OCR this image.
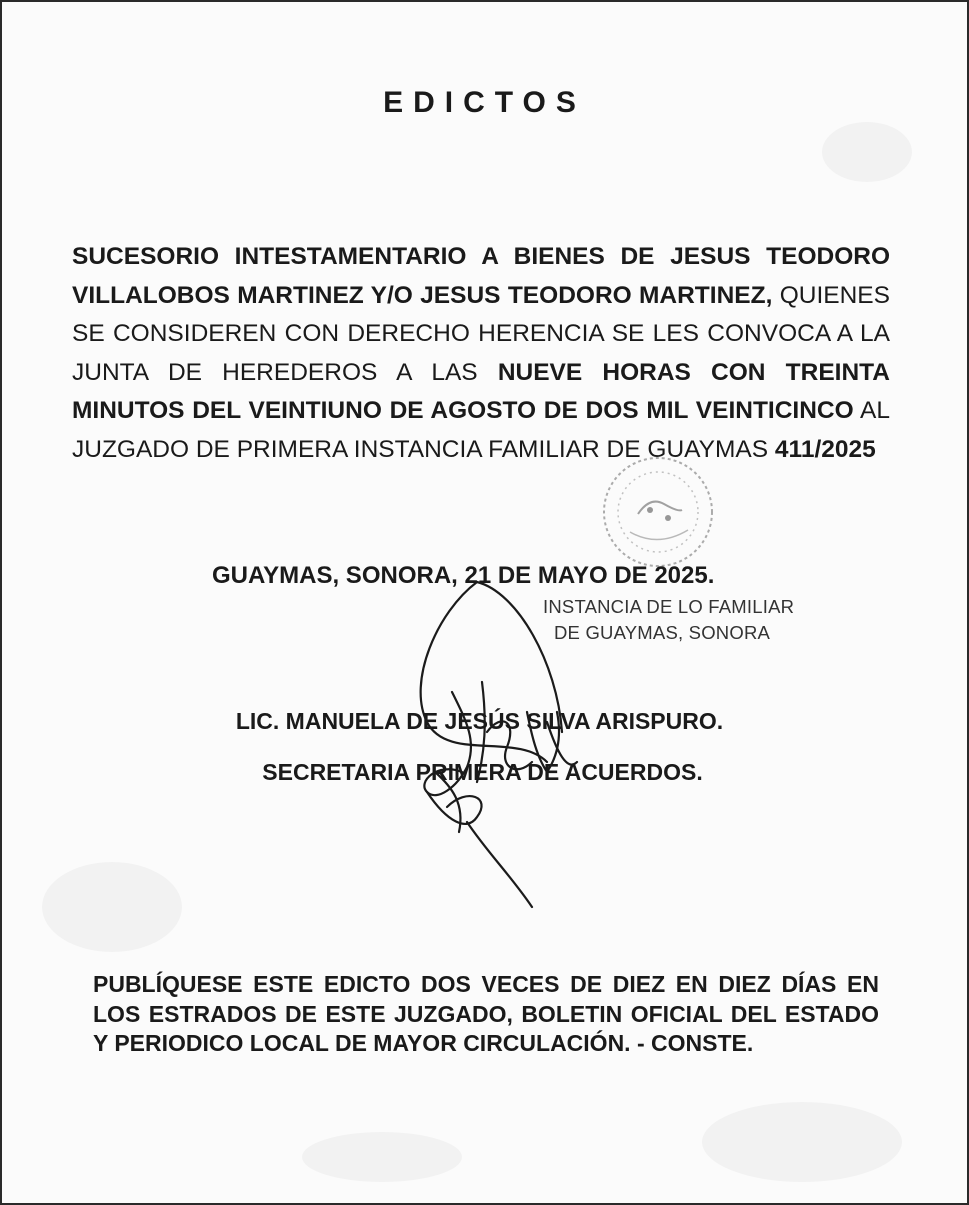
EDICTOS
SUCESORIO INTESTAMENTARIO A BIENES DE JESUS TEODORO VILLALOBOS MARTINEZ Y/O JESUS TEODORO MARTINEZ, QUIENES SE CONSIDEREN CON DERECHO HERENCIA SE LES CONVOCA A LA JUNTA DE HEREDEROS A LAS NUEVE HORAS CON TREINTA MINUTOS DEL VEINTIUNO DE AGOSTO DE DOS MIL VEINTICINCO AL JUZGADO DE PRIMERA INSTANCIA FAMILIAR DE GUAYMAS 411/2025
GUAYMAS, SONORA, 21 DE MAYO DE 2025.
INSTANCIA DE LO FAMILIAR
DE GUAYMAS, SONORA
LIC. MANUELA DE JESÚS SILVA ARISPURO.
SECRETARIA PRIMERA DE ACUERDOS.
PUBLÍQUESE ESTE EDICTO DOS VECES DE DIEZ EN DIEZ DÍAS EN LOS ESTRADOS DE ESTE JUZGADO, BOLETIN OFICIAL DEL ESTADO Y PERIODICO LOCAL DE MAYOR CIRCULACIÓN. - CONSTE.
